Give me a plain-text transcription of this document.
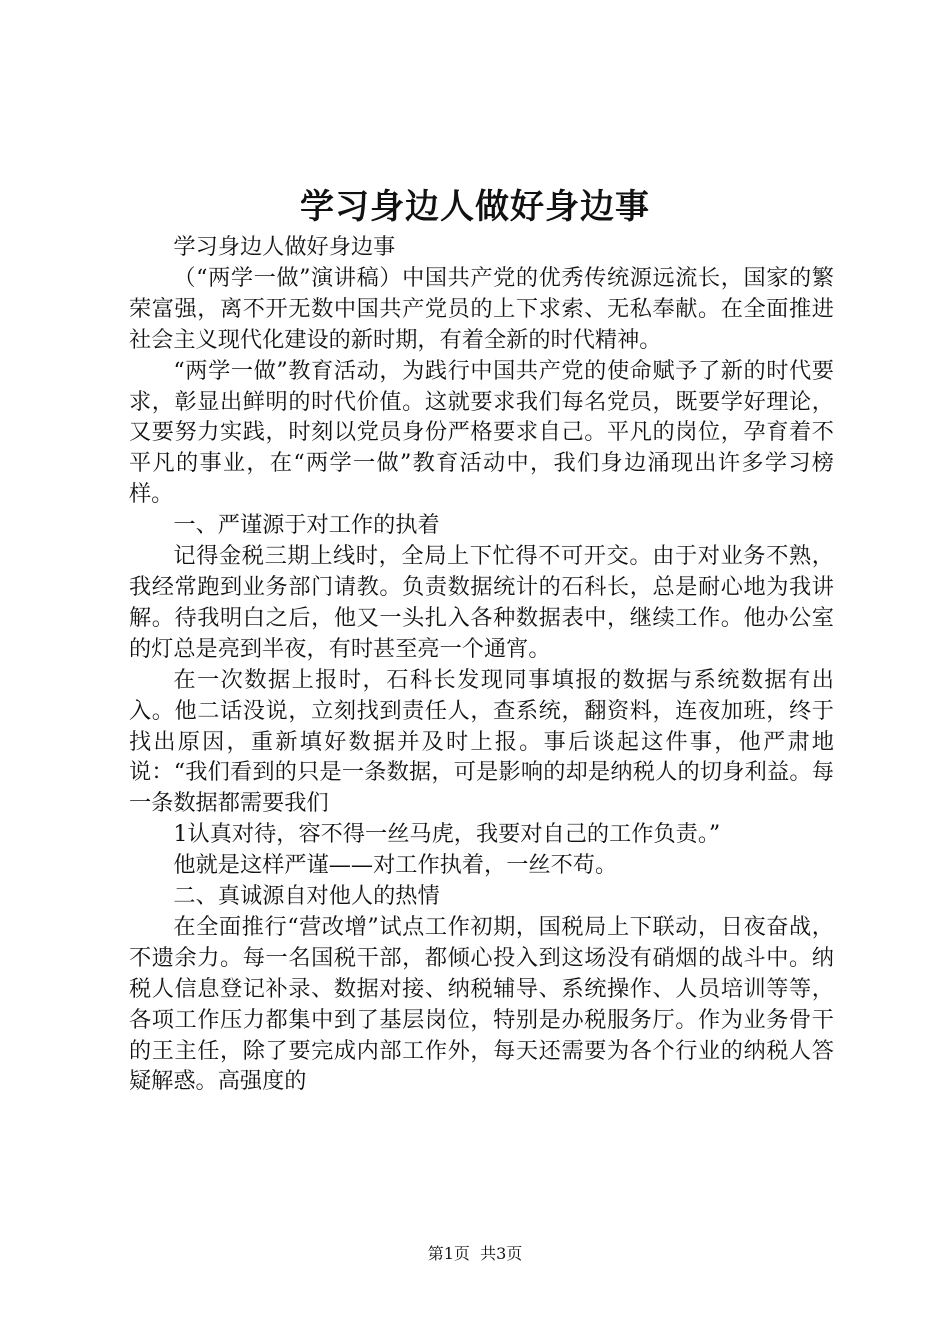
学习身边人做好身边事

学习身边人做好身边事

（“两学一做”演讲稿）中国共产党的优秀传统源远流长，国家的繁荣富强，离不开无数中国共产党员的上下求索、无私奉献。在全面推进社会主义现代化建设的新时期，有着全新的时代精神。

“两学一做”教育活动，为践行中国共产党的使命赋予了新的时代要求，彰显出鲜明的时代价值。这就要求我们每名党员，既要学好理论，又要努力实践，时刻以党员身份严格要求自己。平凡的岗位，孕育着不平凡的事业，在“两学一做”教育活动中，我们身边涌现出许多学习榜样。

一、严谨源于对工作的执着

记得金税三期上线时，全局上下忙得不可开交。由于对业务不熟，我经常跑到业务部门请教。负责数据统计的石科长，总是耐心地为我讲解。待我明白之后，他又一头扎入各种数据表中，继续工作。他办公室的灯总是亮到半夜，有时甚至亮一个通宵。

在一次数据上报时，石科长发现同事填报的数据与系统数据有出入。他二话没说，立刻找到责任人，查系统，翻资料，连夜加班，终于找出原因，重新填好数据并及时上报。事后谈起这件事，他严肃地说：“我们看到的只是一条数据，可是影响的却是纳税人的切身利益。每一条数据都需要我们

1认真对待，容不得一丝马虎，我要对自己的工作负责。”

他就是这样严谨——对工作执着，一丝不苟。

二、真诚源自对他人的热情

在全面推行“营改增”试点工作初期，国税局上下联动，日夜奋战，不遗余力。每一名国税干部，都倾心投入到这场没有硝烟的战斗中。纳税人信息登记补录、数据对接、纳税辅导、系统操作、人员培训等等，各项工作压力都集中到了基层岗位，特别是办税服务厅。作为业务骨干的王主任，除了要完成内部工作外，每天还需要为各个行业的纳税人答疑解惑。高强度的

第1页  共3页
